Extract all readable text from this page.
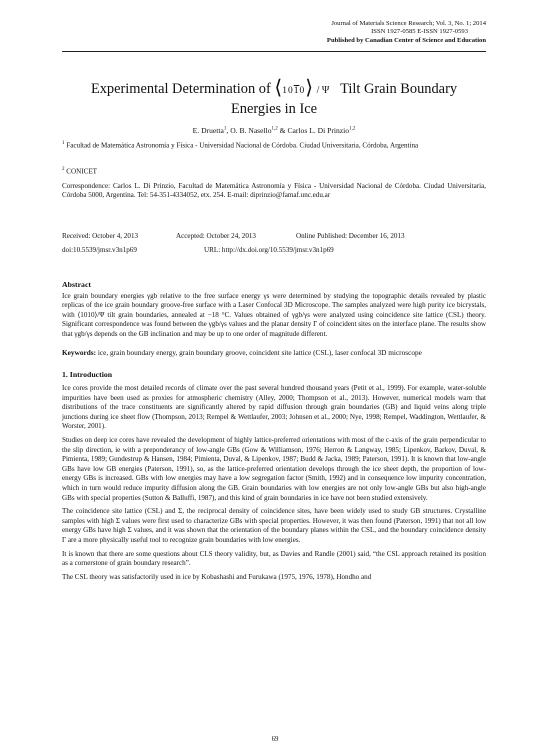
Journal of Materials Science Research; Vol. 3, No. 1; 2014
ISSN 1927-0585 E-ISSN 1927-0593
Published by Canadian Center of Science and Education
Experimental Determination of ⟨1010⟩ / Ψ Tilt Grain Boundary
Energies in Ice
E. Druetta$^1$, O. B. Nasello$^{1,2}$ & Carlos L. Di Prinzio$^{1,2}$
$^1$ Facultad de Matemática Astronomía y Física - Universidad Nacional de Córdoba. Ciudad Universitaria, Córdoba, Argentina
$^2$ CONICET
Correspondence: Carlos L. Di Prinzio, Facultad de Matemática Astronomía y Física - Universidad Nacional de Córdoba. Ciudad Universitaria, Córdoba 5000, Argentina. Tel: 54-351-4334052, etx. 254. E-mail: diprinzio@famaf.unc.edu.ar
Received: October 4, 2013	Accepted: October 24, 2013	Online Published: December 16, 2013
doi:10.5539/jmsr.v3n1p69	URL: http://dx.doi.org/10.5539/jmsr.v3n1p69
Abstract
Ice grain boundary energies γgb relative to the free surface energy γs were determined by studying the topographic details revealed by plastic replicas of the ice grain boundary groove-free surface with a Laser Confocal 3D Microscope. The samples analyzed were high purity ice bicrystals, with ⟨1010⟩/Ψ tilt grain boundaries, annealed at −18 °C. Values obtained of γgb/γs were analyzed using coincidence site lattice (CSL) theory. Significant correspondence was found between the γgb/γs values and the planar density Γ of coincident sites on the interface plane. The results show that γgb/γs depends on the GB inclination and may be up to one order of magnitude different.
Keywords: ice, grain boundary energy, grain boundary groove, coincident site lattice (CSL), laser confocal 3D microscope
1. Introduction

Ice cores provide the most detailed records of climate over the past several hundred thousand years (Petit et al., 1999). For example, water-soluble impurities have been used as proxies for atmospheric chemistry (Alley, 2000; Thompson et al., 2013). However, numerical models warn that distributions of the trace constituents are significantly altered by rapid diffusion through grain boundaries (GB) and liquid veins along triple junctions during ice sheet flow (Thompson, 2013; Rempel & Wettlaufer, 2003; Johnsen et al., 2000; Nye, 1998; Rempel, Waddington, Wettlaufer, & Worster, 2001).

Studies on deep ice cores have revealed the development of highly lattice-preferred orientations with most of the c-axis of the grain perpendicular to the slip direction, ie with a preponderancy of low-angle GBs (Gow & Williamson, 1976; Herron & Langway, 1985; Lipenkov, Barkov, Duval, & Pimienta, 1989; Gundestrup & Hansen, 1984; Pimienta, Duval, & Lipenkov, 1987; Budd & Jacka, 1989; Paterson, 1991). It is known that low-angle GBs have low GB energies (Paterson, 1991), so, as the lattice-preferred orientation develops through the ice sheet depth, the proportion of low-energy GBs is increased. GBs with low energies may have a low segregation factor (Smith, 1992) and in consequence low impurity concentration, which in turn would reduce impurity diffusion along the GB. Grain boundaries with low energies are not only low-angle GBs but also high-angle GBs with special properties (Sutton & Balluffi, 1987), and this kind of grain boundaries in ice have not been studied extensively.

The coincidence site lattice (CSL) and Σ, the reciprocal density of coincidence sites, have been widely used to study GB structures. Crystalline samples with high Σ values were first used to characterize GBs with special properties. However, it was then found (Paterson, 1991) that not all low energy GBs have high Σ values, and it was shown that the orientation of the boundary planes within the CSL, and the boundary coincidence density Γ are a more physically useful tool to recognize grain boundaries with low energies.

It is known that there are some questions about CLS theory validity, but, as Davies and Randle (2001) said, “the CSL approach retained its position as a cornerstone of grain boundary research”.

The CSL theory was satisfactorily used in ice by Kobashashi and Furukawa (1975, 1976, 1978), Hondho and

69
